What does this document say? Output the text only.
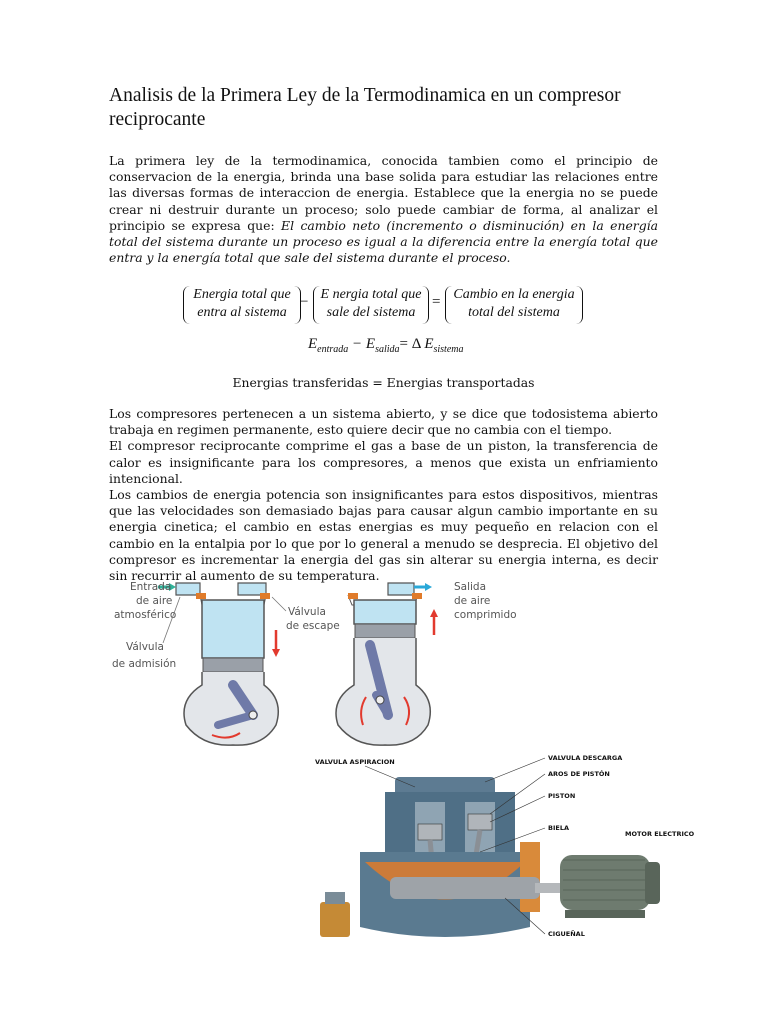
Analisis de la Primera Ley de la Termodinamica en un compresor reciprocante
La primera ley de la termodinamica, conocida tambien como el principio de conservacion de la energia, brinda una base solida para estudiar las relaciones entre las diversas formas de interaccion de energia. Establece que la energia no se puede crear ni destruir durante un proceso; solo puede cambiar de forma, al analizar el principio se expresa que: El cambio neto (incremento o disminución) en la energía total del sistema durante un proceso es igual a la diferencia entre la energía total que entra y la energía total que sale del sistema durante el proceso.
Energia total que
entra al sistema
− E nergia total que
sale del sistema
= Cambio en la energia
total del sistema
$E_{entrada} - E_{salida}= \Delta$ $E_{sistema}$
Energias transferidas = Energias transportadas
Los compresores pertenecen a un sistema abierto, y se dice que todosistema abierto trabaja en regimen permanente, esto quiere decir que no cambia con el tiempo.
El compresor reciprocante comprime el gas a base de un piston, la transferencia de calor es insignificante para los compresores, a menos que exista un enfriamiento intencional.
Los cambios de energia potencia son insignificantes para estos dispositivos, mientras que las velocidades son demasiado bajas para causar algun cambio importante en su energia cinetica; el cambio en estas energias es muy pequeño en relacion con el cambio en la entalpia por lo que por lo general a menudo se desprecia. El objetivo del compresor es incrementar la energia del gas sin alterar su energia interna, es decir sin recurrir al aumento de su temperatura.
Entrada
de aire
atmosférico	Válvula
de escape
Válvula
de admisión
Salida
de aire
comprimido
VALVULA ASPIRACION	VALVULA DESCARGA
AROS DE PISTÓN
PISTON
BIELA
MOTOR ELECTRICO
CIGUEÑAL
